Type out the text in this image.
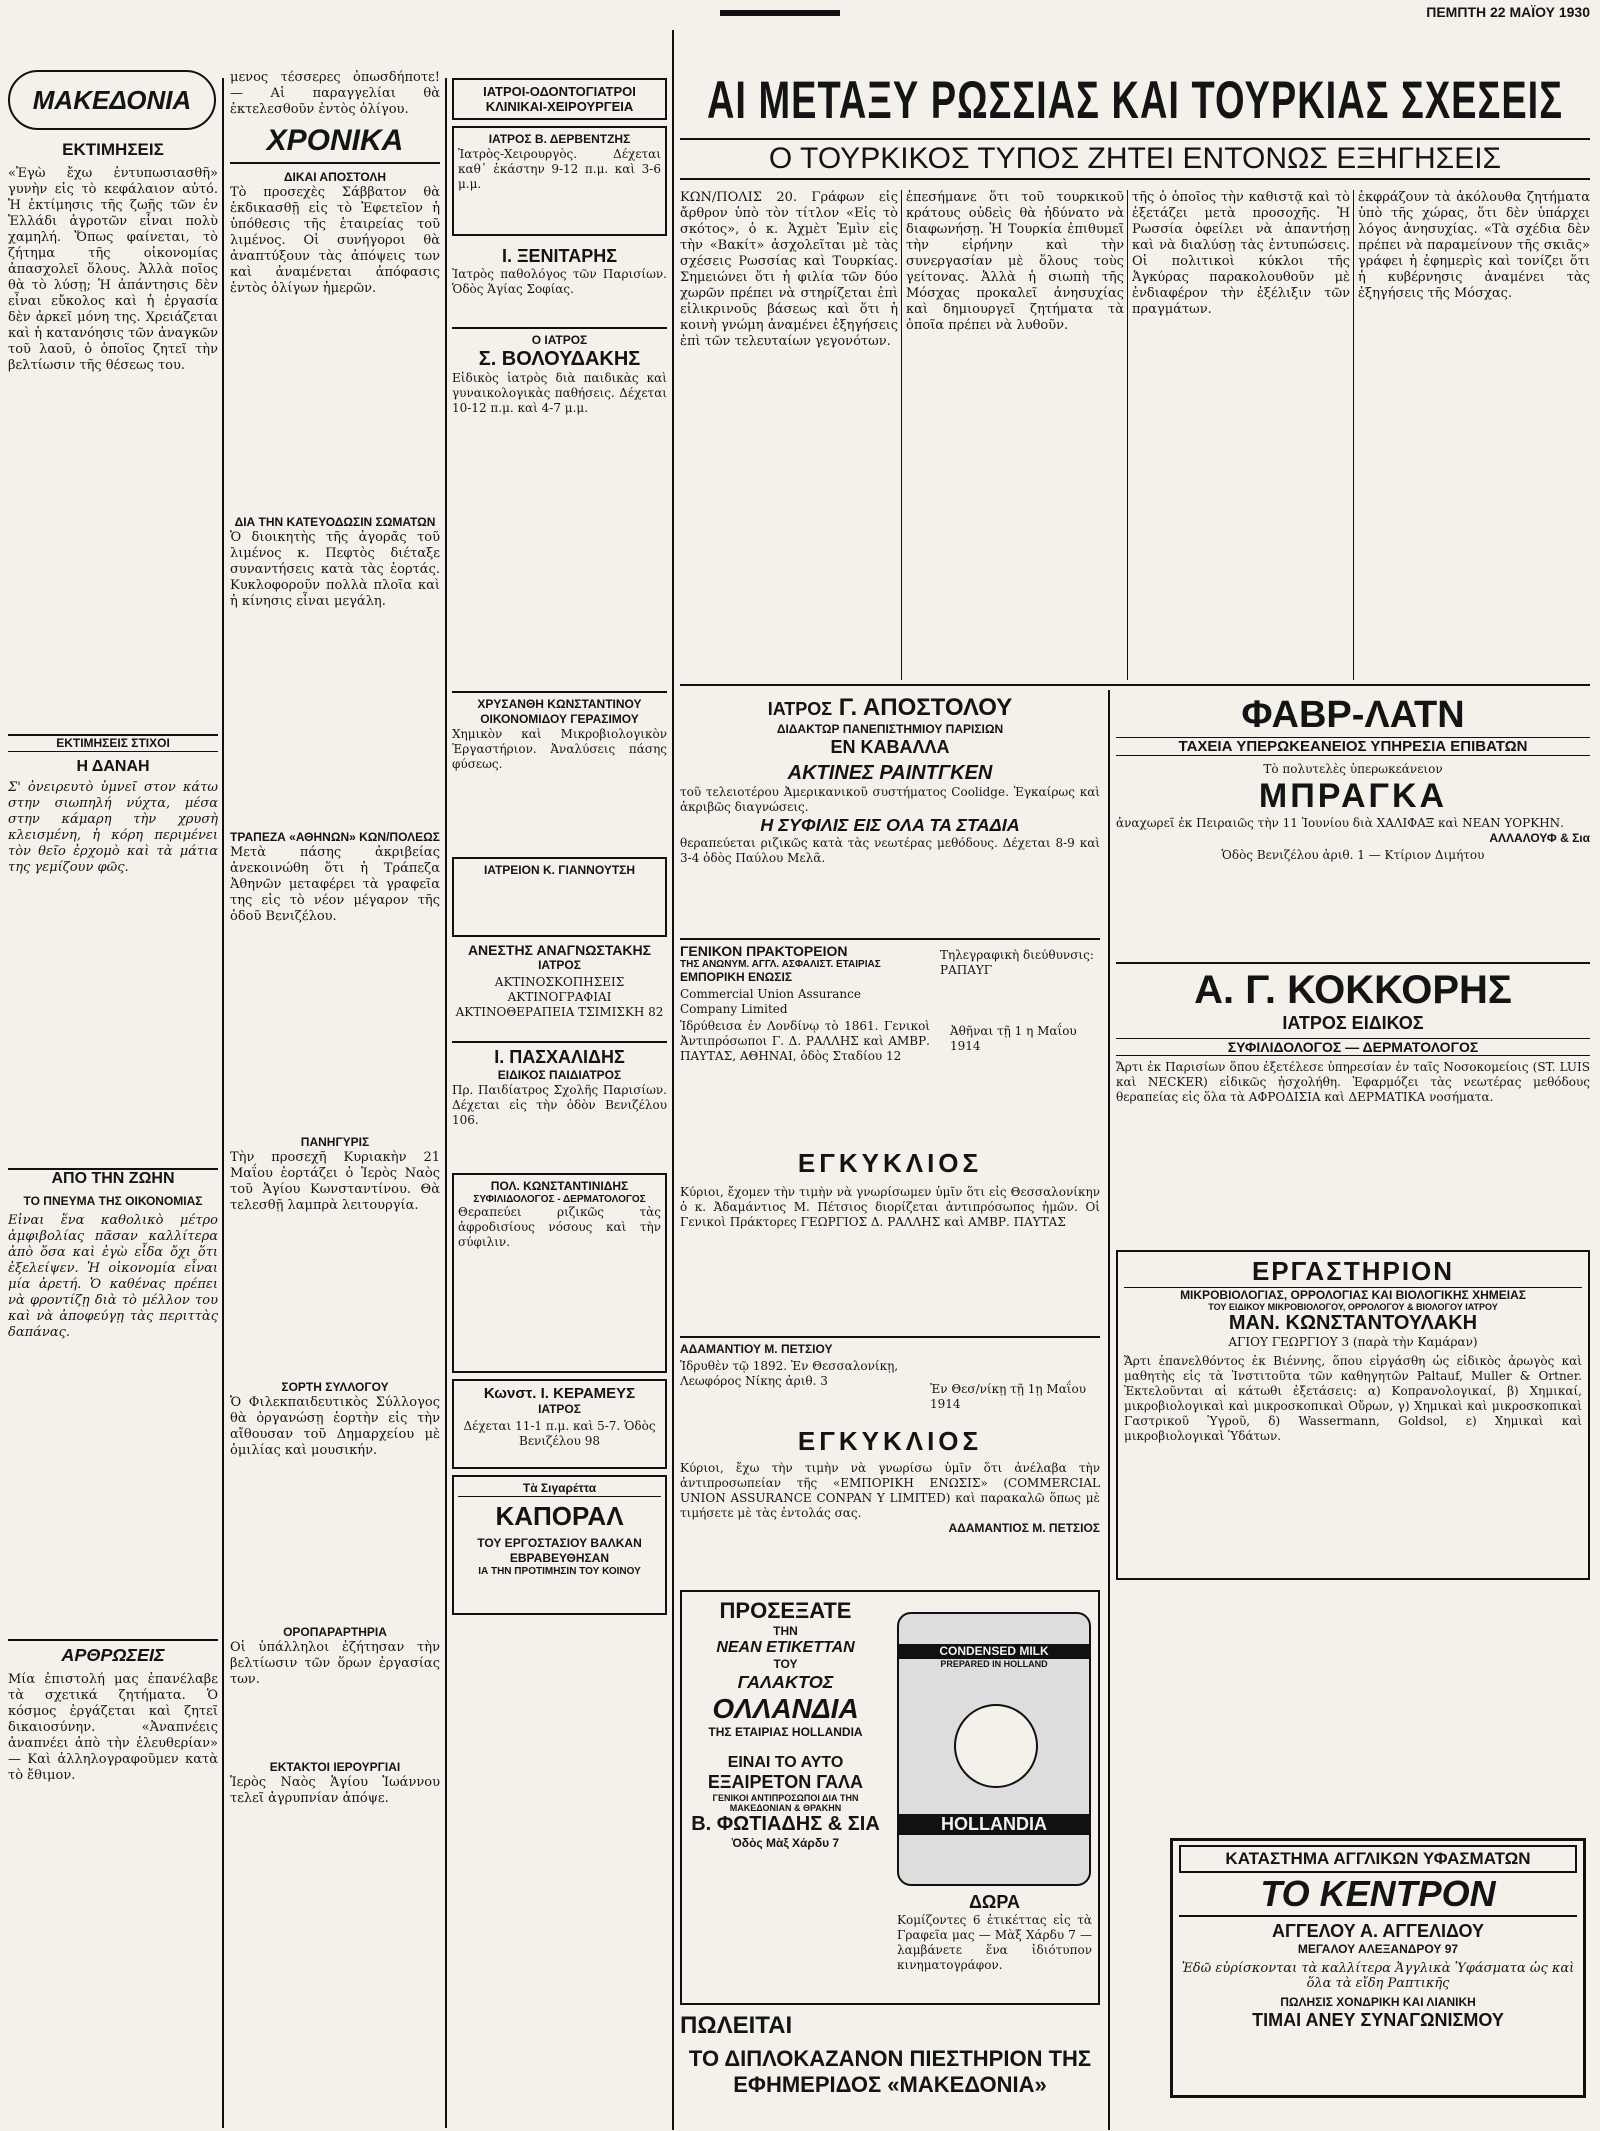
ΠΕΜΠΤΗ 22 ΜΑΪΟΥ 1930
ΜΑΚΕΔΟΝΙΑ
ΕΚΤΙΜΗΣΕΙΣ

«Ἐγὼ ἔχω ἐντυπωσιασθῆ» γυνὴν εἰς τὸ κεφάλαιον αὐτό. Ἡ ἐκτίμησις τῆς ζωῆς τῶν ἐν Ἑλλάδι ἀγροτῶν εἶναι πολὺ χαμηλή. Ὅπως φαίνεται, τὸ ζήτημα τῆς οἰκονομίας ἀπασχολεῖ ὅλους. Ἀλλὰ ποῖος θὰ τὸ λύσῃ; Ἡ ἀπάντησις δὲν εἶναι εὔκολος καὶ ἡ ἐργασία δὲν ἀρκεῖ μόνη της. Χρειάζεται καὶ ἡ κατανόησις τῶν ἀναγκῶν τοῦ λαοῦ, ὁ ὁποῖος ζητεῖ τὴν βελτίωσιν τῆς θέσεως του.

ΕΚΤΙΜΗΣΕΙΣ ΣΤΙΧΟΙ
Η ΔΑΝΑΗ

Σ' ὀνειρευτὸ ὑμνεῖ στον κάτω στην σιωπηλή νύχτα, μέσα στην κάμαρη τὴν χρυσὴ κλεισμένη, ἡ κόρη περιμένει τὸν θεῖο ἐρχομὸ καὶ τὰ μάτια της γεμίζουν φῶς.

ΑΠΟ ΤΗΝ ΖΩΗΝ
ΤΟ ΠΝΕΥΜΑ ΤΗΣ ΟΙΚΟΝΟΜΙΑΣ

Εἶναι ἕνα καθολικὸ μέτρο ἀμφιβολίας πᾶσαν καλλίτερα ἀπὸ ὅσα καὶ ἐγὼ εἶδα ὄχι ὅτι ἐξελείψεν. Ἡ οἰκονομία εἶναι μία ἀρετή. Ὁ καθένας πρέπει νὰ φροντίζῃ διὰ τὸ μέλλον του καὶ νὰ ἀποφεύγῃ τὰς περιττὰς δαπάνας.

ΑΡΘΡΩΣΕΙΣ

Μία ἐπιστολή μας ἐπανέλαβε τὰ σχετικά ζητήματα. Ὁ κόσμος ἐργάζεται καὶ ζητεῖ δικαιοσύνην. «Ἀναπνέεις ἀναπνέει ἀπὸ τὴν ἐλευθερίαν» — Καὶ ἀλληλογραφοῦμεν κατὰ τὸ ἔθιμον.

μενος τέσσερες ὁπωσδήποτε! — Αἱ παραγγελίαι θὰ ἐκτελεσθοῦν ἐντὸς ὀλίγου.

ΧΡΟΝΙΚΑ
ΔΙΚΑΙ ΑΠΟΣΤΟΛΗ

Τὸ προσεχὲς Σάββατον θὰ ἐκδικασθῇ εἰς τὸ Ἐφετεῖον ἡ ὑπόθεσις τῆς ἑταιρείας τοῦ λιμένος. Οἱ συνήγοροι θὰ ἀναπτύξουν τὰς ἀπόψεις των καὶ ἀναμένεται ἀπόφασις ἐντὸς ὀλίγων ἡμερῶν.

ΔΙΑ ΤΗΝ ΚΑΤΕΥΟΔΩΣΙΝ ΣΩΜΑΤΩΝ

Ὁ διοικητὴς τῆς ἀγορᾶς τοῦ λιμένος κ. Πεφτὸς διέταξε συναντήσεις κατὰ τὰς ἑορτάς. Κυκλοφοροῦν πολλὰ πλοῖα καὶ ἡ κίνησις εἶναι μεγάλη.

ΤΡΑΠΕΖΑ «ΑΘΗΝΩΝ» ΚΩΝ/ΠΟΛΕΩΣ

Μετὰ πάσης ἀκριβείας ἀνεκοινώθη ὅτι ἡ Τράπεζα Ἀθηνῶν μεταφέρει τὰ γραφεῖα της εἰς τὸ νέον μέγαρον τῆς ὁδοῦ Βενιζέλου.

ΠΑΝΗΓΥΡΙΣ

Τὴν προσεχῆ Κυριακὴν 21 Μαΐου ἑορτάζει ὁ Ἱερὸς Ναὸς τοῦ Ἁγίου Κωνσταντίνου. Θὰ τελεσθῇ λαμπρὰ λειτουργία.

ΣΟΡΤΗ ΣΥΛΛΟΓΟΥ

Ὁ Φιλεκπαιδευτικὸς Σύλλογος θὰ ὀργανώσῃ ἑορτὴν εἰς τὴν αἴθουσαν τοῦ Δημαρχείου μὲ ὁμιλίας καὶ μουσικήν.

ΟΡΟΠΑΡΑΡΤΗΡΙΑ

Οἱ ὑπάλληλοι ἐζήτησαν τὴν βελτίωσιν τῶν ὅρων ἐργασίας των.

ΕΚΤΑΚΤΟΙ ΙΕΡΟΥΡΓΙΑΙ

Ἱερὸς Ναὸς Ἁγίου Ἰωάννου τελεῖ ἀγρυπνίαν ἀπόψε.

ΙΑΤΡΟΙ-ΟΔΟΝΤΟΓΙΑΤΡΟΙ ΚΛΙΝΙΚΑΙ-ΧΕΙΡΟΥΡΓΕΙΑ
ΙΑΤΡΟΣ Β. ΔΕΡΒΕΝΤΖΗΣ

Ἰατρὸς-Χειρουργὸς. Δέχεται καθ᾽ ἑκάστην 9-12 π.μ. καὶ 3-6 μ.μ.

Ι. ΞΕΝΙΤΑΡΗΣ

Ἰατρὸς παθολόγος τῶν Παρισίων. Ὁδὸς Ἁγίας Σοφίας.

Ο ΙΑΤΡΟΣ
Σ. ΒΟΛΟΥΔΑΚΗΣ

Εἰδικὸς ἰατρὸς διὰ παιδικὰς καὶ γυναικολογικὰς παθήσεις. Δέχεται 10-12 π.μ. καὶ 4-7 μ.μ.

ΧΡΥΣΑΝΘΗ ΚΩΝΣΤΑΝΤΙΝΟΥ
ΟΙΚΟΝΟΜΙΔΟΥ ΓΕΡΑΣΙΜΟΥ

Χημικὸν καὶ Μικροβιολογικὸν Ἐργαστήριον. Ἀναλύσεις πάσης φύσεως.

ΙΑΤΡΕΙΟΝ Κ. ΓΙΑΝΝΟΥΤΣΗ
ΑΝΕΣΤΗΣ ΑΝΑΓΝΩΣΤΑΚΗΣ
ΙΑΤΡΟΣ

ΑΚΤΙΝΟΣΚΟΠΗΣΕΙΣ ΑΚΤΙΝΟΓΡΑΦΙΑΙ ΑΚΤΙΝΟΘΕΡΑΠΕΙΑ ΤΣΙΜΙΣΚΗ 82

Ι. ΠΑΣΧΑΛΙΔΗΣ
ΕΙΔΙΚΟΣ ΠΑΙΔΙΑΤΡΟΣ

Πρ. Παιδίατρος Σχολῆς Παρισίων. Δέχεται εἰς τὴν ὁδὸν Βενιζέλου 106.

ΠΟΛ. ΚΩΝΣΤΑΝΤΙΝΙΔΗΣ
ΣΥΦΙΛΙΔΟΛΟΓΟΣ - ΔΕΡΜΑΤΟΛΟΓΟΣ

Θεραπεύει ριζικῶς τὰς ἀφροδισίους νόσους καὶ τὴν σύφιλιν.

Κωνστ. Ι. ΚΕΡΑΜΕΥΣ
ΙΑΤΡΟΣ

Δέχεται 11-1 π.μ. καὶ 5-7. Ὁδὸς Βενιζέλου 98

Τὰ Σιγαρέττα
ΚΑΠΟΡΑΛ
ΤΟΥ ΕΡΓΟΣΤΑΣΙΟΥ ΒΑΛΚΑΝ
ΕΒΡΑΒΕΥΘΗΣΑΝ
ΙΑ ΤΗΝ ΠΡΟΤΙΜΗΣΙΝ ΤΟΥ ΚΟΙΝΟΥ
ΑΙ ΜΕΤΑΞΥ ΡΩΣΣΙΑΣ ΚΑΙ ΤΟΥΡΚΙΑΣ ΣΧΕΣΕΙΣ
Ο ΤΟΥΡΚΙΚΟΣ ΤΥΠΟΣ ΖΗΤΕΙ ΕΝΤΟΝΩΣ ΕΞΗΓΗΣΕΙΣ

ΚΩΝ/ΠΟΛΙΣ 20. Γράφων εἰς ἄρθρον ὑπὸ τὸν τίτλον «Εἰς τὸ σκότος», ὁ κ. Ἀχμὲτ Ἐμὶν εἰς τὴν «Βακίτ» ἀσχολεῖται μὲ τὰς σχέσεις Ρωσσίας καὶ Τουρκίας. Σημειώνει ὅτι ἡ φιλία τῶν δύο χωρῶν πρέπει νὰ στηρίζεται ἐπὶ εἰλικρινοῦς βάσεως καὶ ὅτι ἡ κοινὴ γνώμη ἀναμένει ἐξηγήσεις ἐπὶ τῶν τελευταίων γεγονότων.

ἐπεσήμανε ὅτι τοῦ τουρκικοῦ κράτους οὐδεὶς θὰ ἠδύνατο νὰ διαφωνήσῃ. Ἡ Τουρκία ἐπιθυμεῖ τὴν εἰρήνην καὶ τὴν συνεργασίαν μὲ ὅλους τοὺς γείτονας. Ἀλλὰ ἡ σιωπὴ τῆς Μόσχας προκαλεῖ ἀνησυχίας καὶ δημιουργεῖ ζητήματα τὰ ὁποῖα πρέπει νὰ λυθοῦν.

τῆς ὁ ὁποῖος τὴν καθιστᾷ καὶ τὸ ἐξετάζει μετὰ προσοχῆς. Ἡ Ρωσσία ὀφείλει νὰ ἀπαντήσῃ καὶ νὰ διαλύσῃ τὰς ἐντυπώσεις. Οἱ πολιτικοὶ κύκλοι τῆς Ἀγκύρας παρακολουθοῦν μὲ ἐνδιαφέρον τὴν ἐξέλιξιν τῶν πραγμάτων.

ἐκφράζουν τὰ ἀκόλουθα ζητήματα ὑπὸ τῆς χώρας, ὅτι δὲν ὑπάρχει λόγος ἀνησυχίας. «Τὰ σχέδια δὲν πρέπει νὰ παραμείνουν τῆς σκιᾶς» γράφει ἡ ἐφημερὶς καὶ τονίζει ὅτι ἡ κυβέρνησις ἀναμένει τὰς ἐξηγήσεις τῆς Μόσχας.

ΙΑΤΡΟΣ Γ. ΑΠΟΣΤΟΛΟΥ
ΔΙΔΑΚΤΩΡ ΠΑΝΕΠΙΣΤΗΜΙΟΥ ΠΑΡΙΣΙΩΝ
ΕΝ ΚΑΒΑΛΛΑ
ΑΚΤΙΝΕΣ ΡΑΙΝΤΓΚΕΝ

τοῦ τελειοτέρου Ἀμερικανικοῦ συστήματος Coolidge. Ἐγκαίρως καὶ ἀκριβῶς διαγνώσεις.

Η ΣΥΦΙΛΙΣ ΕΙΣ ΟΛΑ ΤΑ ΣΤΑΔΙΑ

θεραπεύεται ριζικῶς κατὰ τὰς νεωτέρας μεθόδους. Δέχεται 8-9 καὶ 3-4 ὁδὸς Παύλου Μελᾶ.

ΓΕΝΙΚΟΝ ΠΡΑΚΤΟΡΕΙΟΝ
ΤΗΣ ΑΝΩΝΥΜ. ΑΓΓΛ. ΑΣΦΑΛΙΣΤ. ΕΤΑΙΡΙΑΣ
ΕΜΠΟΡΙΚΗ ΕΝΩΣΙΣ

Commercial Union Assurance Company Limited

Ἱδρύθεισα ἐν Λονδίνῳ τὸ 1861. Γενικοὶ Ἀντιπρόσωποι Γ. Δ. ΡΑΛΛΗΣ καὶ ΑΜΒΡ. ΠΑΥΤΑΣ, ΑΘΗΝΑΙ, ὁδὸς Σταδίου 12

Τηλεγραφικὴ διεύθυνσις: ΡΑΠΑΥΓ
Ἀθῆναι τῇ 1 η Μαΐου 1914
ΕΓΚΥΚΛΙΟΣ

Κύριοι, ἔχομεν τὴν τιμὴν νὰ γνωρίσωμεν ὑμῖν ὅτι εἰς Θεσσαλονίκην ὁ κ. Ἀδαμάντιος Μ. Πέτσιος διορίζεται ἀντιπρόσωπος ἡμῶν. Οἱ Γενικοὶ Πράκτορες ΓΕΩΡΓΙΟΣ Δ. ΡΑΛΛΗΣ καὶ ΑΜΒΡ. ΠΑΥΤΑΣ

ΑΔΑΜΑΝΤΙΟΥ Μ. ΠΕΤΣΙΟΥ

Ἱδρυθὲν τῷ 1892. Ἐν Θεσσαλονίκῃ, Λεωφόρος Νίκης ἀριθ. 3

Ἐν Θεσ/νίκῃ τῇ 1ῃ Μαΐου 1914
ΕΓΚΥΚΛΙΟΣ

Κύριοι, ἔχω τὴν τιμὴν νὰ γνωρίσω ὑμῖν ὅτι ἀνέλαβα τὴν ἀντιπροσωπείαν τῆς «ΕΜΠΟΡΙΚΗ ΕΝΩΣΙΣ» (COMMERCIAL UNION ASSURANCE CONPAN Y LIMITED) καὶ παρακαλῶ ὅπως μὲ τιμήσετε μὲ τὰς ἐντολάς σας.

ΑΔΑΜΑΝΤΙΟΣ Μ. ΠΕΤΣΙΟΣ
ΠΡΟΣΕΞΑΤΕ
ΤΗΝ
ΝΕΑΝ ΕΤΙΚΕΤΤΑΝ
ΤΟΥ
ΓΑΛΑΚΤΟΣ
ΟΛΛΑΝΔΙΑ
ΤΗΣ ΕΤΑΙΡΙΑΣ HOLLANDIA
ΕΙΝΑΙ ΤΟ ΑΥΤΟ
ΕΞΑΙΡΕΤΟΝ ΓΑΛΑ
ΓΕΝΙΚΟΙ ΑΝΤΙΠΡΟΣΩΠΟΙ ΔΙΑ ΤΗΝ ΜΑΚΕΔΟΝΙΑΝ & ΘΡΑΚΗΝ
Β. ΦΩΤΙΑΔΗΣ & ΣΙΑ
Ὁδὸς Μὰξ Χάρδυ 7
CONDENSED MILK
PREPARED IN HOLLAND
HOLLANDIA
ΔΩΡΑ

Κομίζοντες 6 ἐτικέττας εἰς τὰ Γραφεῖα μας — Μὰξ Χάρδυ 7 — λαμβάνετε ἕνα ἰδιότυπον κινηματογράφον.

ΠΩΛΕΙΤΑΙ
ΤΟ ΔΙΠΛΟΚΑΖΑΝΟΝ ΠΙΕΣΤΗΡΙΟΝ ΤΗΣ ΕΦΗΜΕΡΙΔΟΣ «ΜΑΚΕΔΟΝΙΑ»
ΦΑΒΡ-ΛΑΤΝ
ΤΑΧΕΙΑ ΥΠΕΡΩΚΕΑΝΕΙΟΣ ΥΠΗΡΕΣΙΑ ΕΠΙΒΑΤΩΝ
Τὸ πολυτελὲς ὑπερωκεάνειον
ΜΠΡΑΓΚΑ

ἀναχωρεῖ ἐκ Πειραιῶς τὴν 11 Ἰουνίου διὰ ΧΑΛΙΦΑΞ καὶ ΝΕΑΝ ΥΟΡΚΗΝ.

ΑΛΛΑΛΟΥΦ & Σια

Ὁδὸς Βενιζέλου ἀριθ. 1 — Κτίριον Διμήτου

Α. Γ. ΚΟΚΚΟΡΗΣ
ΙΑΤΡΟΣ ΕΙΔΙΚΟΣ
ΣΥΦΙΛΙΔΟΛΟΓΟΣ — ΔΕΡΜΑΤΟΛΟΓΟΣ

Ἄρτι ἐκ Παρισίων ὅπου ἐξετέλεσε ὑπηρεσίαν ἐν ταῖς Νοσοκομείοις (ST. LUIS καὶ NECKER) εἰδικῶς ἠσχολήθη. Ἐφαρμόζει τὰς νεωτέρας μεθόδους θεραπείας εἰς ὅλα τὰ ΑΦΡΟΔΙΣΙΑ καὶ ΔΕΡΜΑΤΙΚΑ νοσήματα.

ΕΡΓΑΣΤΗΡΙΟΝ
ΜΙΚΡΟΒΙΟΛΟΓΙΑΣ, ΟΡΡΟΛΟΓΙΑΣ ΚΑΙ ΒΙΟΛΟΓΙΚΗΣ ΧΗΜΕΙΑΣ
ΤΟΥ ΕΙΔΙΚΟΥ ΜΙΚΡΟΒΙΟΛΟΓΟΥ, ΟΡΡΟΛΟΓΟΥ & ΒΙΟΛΟΓΟΥ ΙΑΤΡΟΥ
ΜΑΝ. ΚΩΝΣΤΑΝΤΟΥΛΑΚΗ
ΑΓΙΟΥ ΓΕΩΡΓΙΟΥ 3 (παρὰ τὴν Καμάραν)

Ἄρτι ἐπανελθόντος ἐκ Βιέννης, ὅπου εἰργάσθη ὡς εἰδικὸς ἀρωγὸς καὶ μαθητὴς εἰς τὰ Ἰνστιτοῦτα τῶν καθηγητῶν Paltauf, Muller & Ortner. Ἐκτελοῦνται αἱ κάτωθι ἐξετάσεις: α) Κοπρανολογικαί, β) Χημικαί, μικροβιολογικαὶ καὶ μικροσκοπικαὶ Οὔρων, γ) Χημικαὶ καὶ μικροσκοπικαὶ Γαστρικοῦ Ὑγροῦ, δ) Wassermann, Goldsol, ε) Χημικαὶ καὶ μικροβιολογικαὶ Ὑδάτων.

ΚΑΤΑΣΤΗΜΑ ΑΓΓΛΙΚΩΝ ΥΦΑΣΜΑΤΩΝ
ΤΟ ΚΕΝΤΡΟΝ
ΑΓΓΕΛΟΥ Α. ΑΓΓΕΛΙΔΟΥ
ΜΕΓΑΛΟΥ ΑΛΕΞΑΝΔΡΟΥ 97

Ἐδῶ εὑρίσκονται τὰ καλλίτερα Ἀγγλικὰ Ὑφάσματα ὡς καὶ ὅλα τὰ εἴδη Ραπτικῆς

ΠΩΛΗΣΙΣ ΧΟΝΔΡΙΚΗ ΚΑΙ ΛΙΑΝΙΚΗ
ΤΙΜΑΙ ΑΝΕΥ ΣΥΝΑΓΩΝΙΣΜΟΥ
